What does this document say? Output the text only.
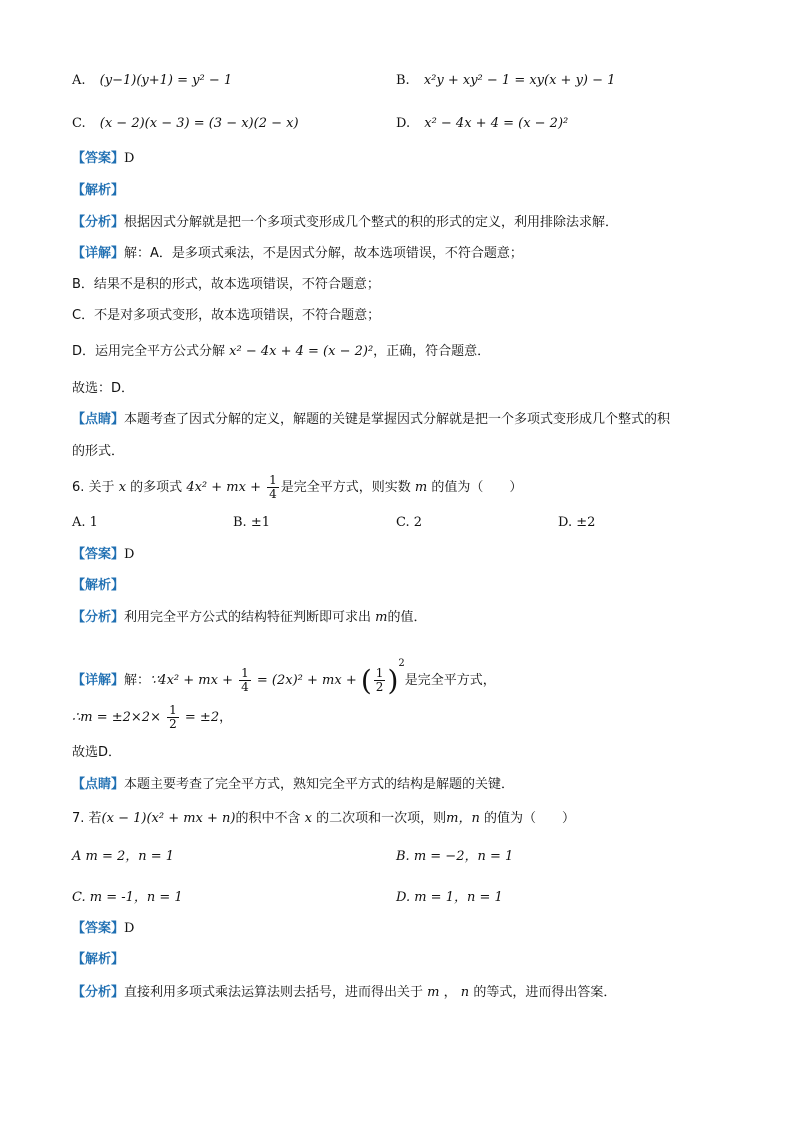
A. (y−1)(y+1) = y² − 1	B. x²y + xy² − 1 = xy(x + y) − 1
C. (x − 2)(x − 3) = (3 − x)(2 − x)	D. x² − 4x + 4 = (x − 2)²
【答案】D
【解析】
【分析】根据因式分解就是把一个多项式变形成几个整式的积的形式的定义，利用排除法求解．
【详解】解：A．是多项式乘法，不是因式分解，故本选项错误，不符合题意；
B．结果不是积的形式，故本选项错误，不符合题意；
C．不是对多项式变形，故本选项错误，不符合题意；
D．运用完全平方公式分解 x² − 4x + 4 = (x − 2)²，正确，符合题意．
故选：D．
【点睛】本题考查了因式分解的定义，解题的关键是掌握因式分解就是把一个多项式变形成几个整式的积
的形式．
6. 关于 x 的多项式 4x² + mx + $\frac{1}{4}$ 是完全平方式，则实数 m 的值为（　　）
A. 1	B. ±1	C. 2	D. ±2
【答案】D
【解析】
【分析】利用完全平方公式的结构特征判断即可求出 m的值．
【详解】解：∵4x² + mx + $\frac{1}{4} = (2x)^2$ + mx + ( $\frac{1}{2} )^2$是完全平方式，
∴m = $\pm 2\times 2\times \frac{1}{2} = \pm 2$，
故选D．
【点睛】本题主要考查了完全平方式，熟知完全平方式的结构是解题的关键．
7. 若(x − 1)(x² + mx + n)的积中不含 x 的二次项和一次项，则m，n 的值为（　　）
A m = 2，n = 1	B. m = −2，n = 1
C. m = -1，n = 1	D. m = 1，n = 1
【答案】D
【解析】
【分析】直接利用多项式乘法运算法则去括号，进而得出关于 m ， n 的等式，进而得出答案．
